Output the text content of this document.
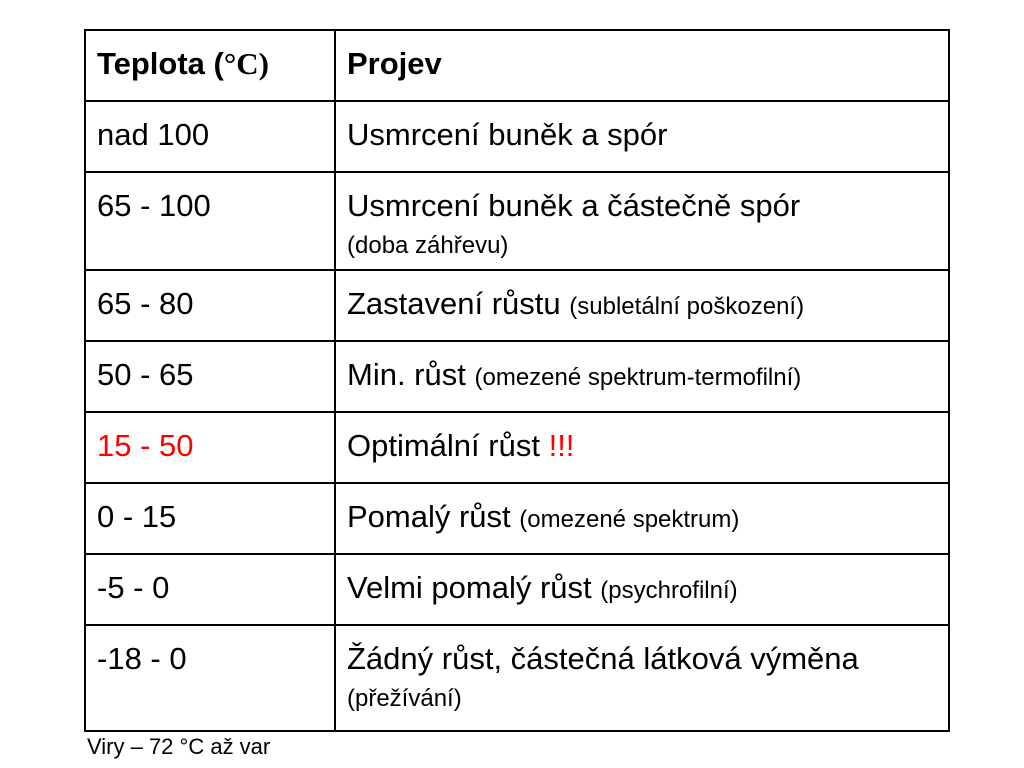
Teplota (°C)	Projev
nad 100	Usmrcení buněk a spór
65 - 100	Usmrcení buněk a částečně spór
(doba záhřevu)
65 - 80	Zastavení růstu (subletální poškození)
50 - 65	Min. růst (omezené spektrum-termofilní)
15 - 50	Optimální růst !!!
0 - 15	Pomalý růst (omezené spektrum)
-5 - 0	Velmi pomalý růst (psychrofilní)
-18 - 0	Žádný růst, částečná látková výměna (přežívání)
Viry – 72 °C až var
